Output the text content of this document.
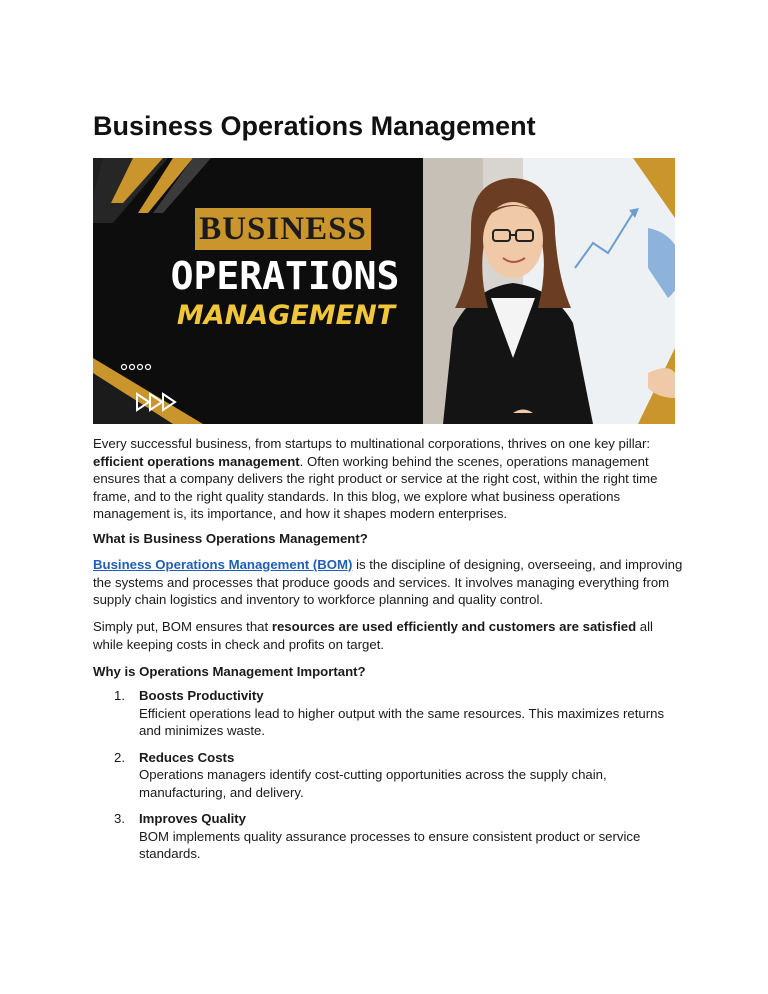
Business Operations Management
BUSINESS
OPERATIONS
MANAGEMENT

Every successful business, from startups to multinational corporations, thrives on one key pillar: efficient operations management. Often working behind the scenes, operations management ensures that a company delivers the right product or service at the right cost, within the right time frame, and to the right quality standards. In this blog, we explore what business operations management is, its importance, and how it shapes modern enterprises.

What is Business Operations Management?

Business Operations Management (BOM) is the discipline of designing, overseeing, and improving the systems and processes that produce goods and services. It involves managing everything from supply chain logistics and inventory to workforce planning and quality control.

Simply put, BOM ensures that resources are used efficiently and customers are satisfied all while keeping costs in check and profits on target.

Why is Operations Management Important?

1. Boosts Productivity
Efficient operations lead to higher output with the same resources. This maximizes returns and minimizes waste.
2. Reduces Costs
Operations managers identify cost-cutting opportunities across the supply chain, manufacturing, and delivery.
3. Improves Quality
BOM implements quality assurance processes to ensure consistent product or service standards.
